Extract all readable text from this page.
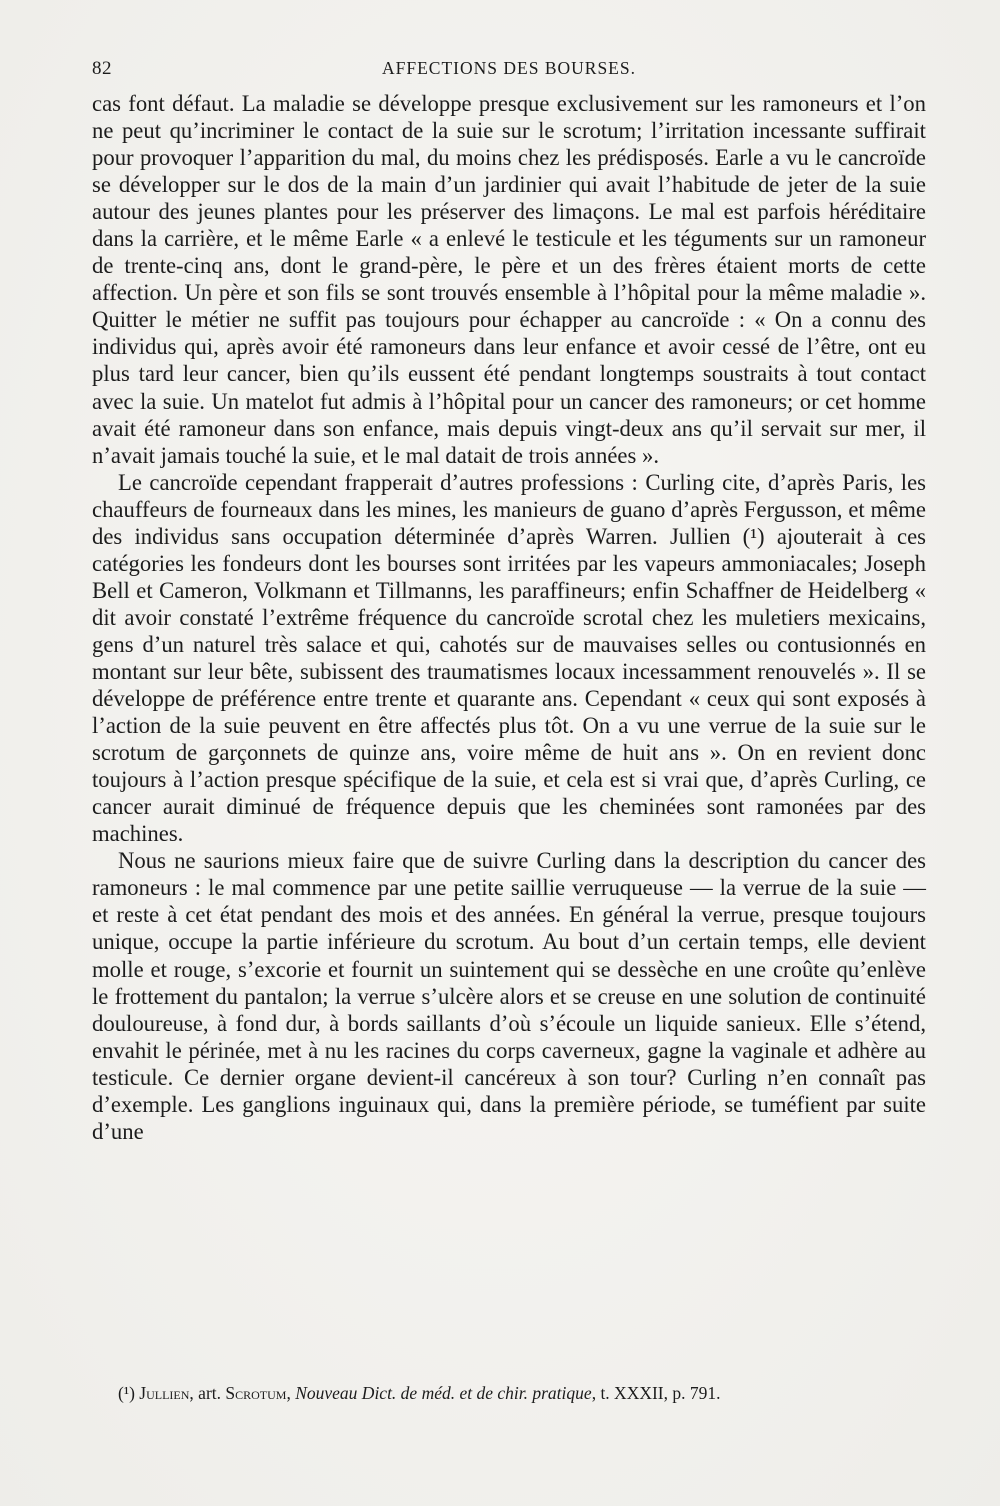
82	AFFECTIONS DES BOURSES.

cas font défaut. La maladie se développe presque exclusivement sur les ramoneurs et l’on ne peut qu’incriminer le contact de la suie sur le scrotum; l’irritation incessante suffirait pour provoquer l’apparition du mal, du moins chez les prédisposés. Earle a vu le cancroïde se développer sur le dos de la main d’un jardinier qui avait l’habitude de jeter de la suie autour des jeunes plantes pour les préserver des limaçons. Le mal est parfois héréditaire dans la carrière, et le même Earle « a enlevé le testicule et les téguments sur un ramoneur de trente-cinq ans, dont le grand-père, le père et un des frères étaient morts de cette affection. Un père et son fils se sont trouvés ensemble à l’hôpital pour la même maladie ». Quitter le métier ne suffit pas toujours pour échapper au cancroïde : « On a connu des individus qui, après avoir été ramoneurs dans leur enfance et avoir cessé de l’être, ont eu plus tard leur cancer, bien qu’ils eussent été pendant longtemps soustraits à tout contact avec la suie. Un matelot fut admis à l’hôpital pour un cancer des ramoneurs; or cet homme avait été ramoneur dans son enfance, mais depuis vingt-deux ans qu’il servait sur mer, il n’avait jamais touché la suie, et le mal datait de trois années ».

Le cancroïde cependant frapperait d’autres professions : Curling cite, d’après Paris, les chauffeurs de fourneaux dans les mines, les manieurs de guano d’après Fergusson, et même des individus sans occupation déterminée d’après Warren. Jullien (¹) ajouterait à ces catégories les fondeurs dont les bourses sont irritées par les vapeurs ammoniacales; Joseph Bell et Cameron, Volkmann et Tillmanns, les paraffineurs; enfin Schaffner de Heidelberg « dit avoir constaté l’extrême fréquence du cancroïde scrotal chez les muletiers mexicains, gens d’un naturel très salace et qui, cahotés sur de mauvaises selles ou contusionnés en montant sur leur bête, subissent des traumatismes locaux incessamment renouvelés ». Il se développe de préférence entre trente et quarante ans. Cependant « ceux qui sont exposés à l’action de la suie peuvent en être affectés plus tôt. On a vu une verrue de la suie sur le scrotum de garçonnets de quinze ans, voire même de huit ans ». On en revient donc toujours à l’action presque spécifique de la suie, et cela est si vrai que, d’après Curling, ce cancer aurait diminué de fréquence depuis que les cheminées sont ramonées par des machines.

Nous ne saurions mieux faire que de suivre Curling dans la description du cancer des ramoneurs : le mal commence par une petite saillie verruqueuse — la verrue de la suie — et reste à cet état pendant des mois et des années. En général la verrue, presque toujours unique, occupe la partie inférieure du scrotum. Au bout d’un certain temps, elle devient molle et rouge, s’excorie et fournit un suintement qui se dessèche en une croûte qu’enlève le frottement du pantalon; la verrue s’ulcère alors et se creuse en une solution de continuité douloureuse, à fond dur, à bords saillants d’où s’écoule un liquide sanieux. Elle s’étend, envahit le périnée, met à nu les racines du corps caverneux, gagne la vaginale et adhère au testicule. Ce dernier organe devient-il cancéreux à son tour? Curling n’en connaît pas d’exemple. Les ganglions inguinaux qui, dans la première période, se tuméfient par suite d’une

(¹) Jullien, art. Scrotum, Nouveau Dict. de méd. et de chir. pratique, t. XXXII, p. 791.
